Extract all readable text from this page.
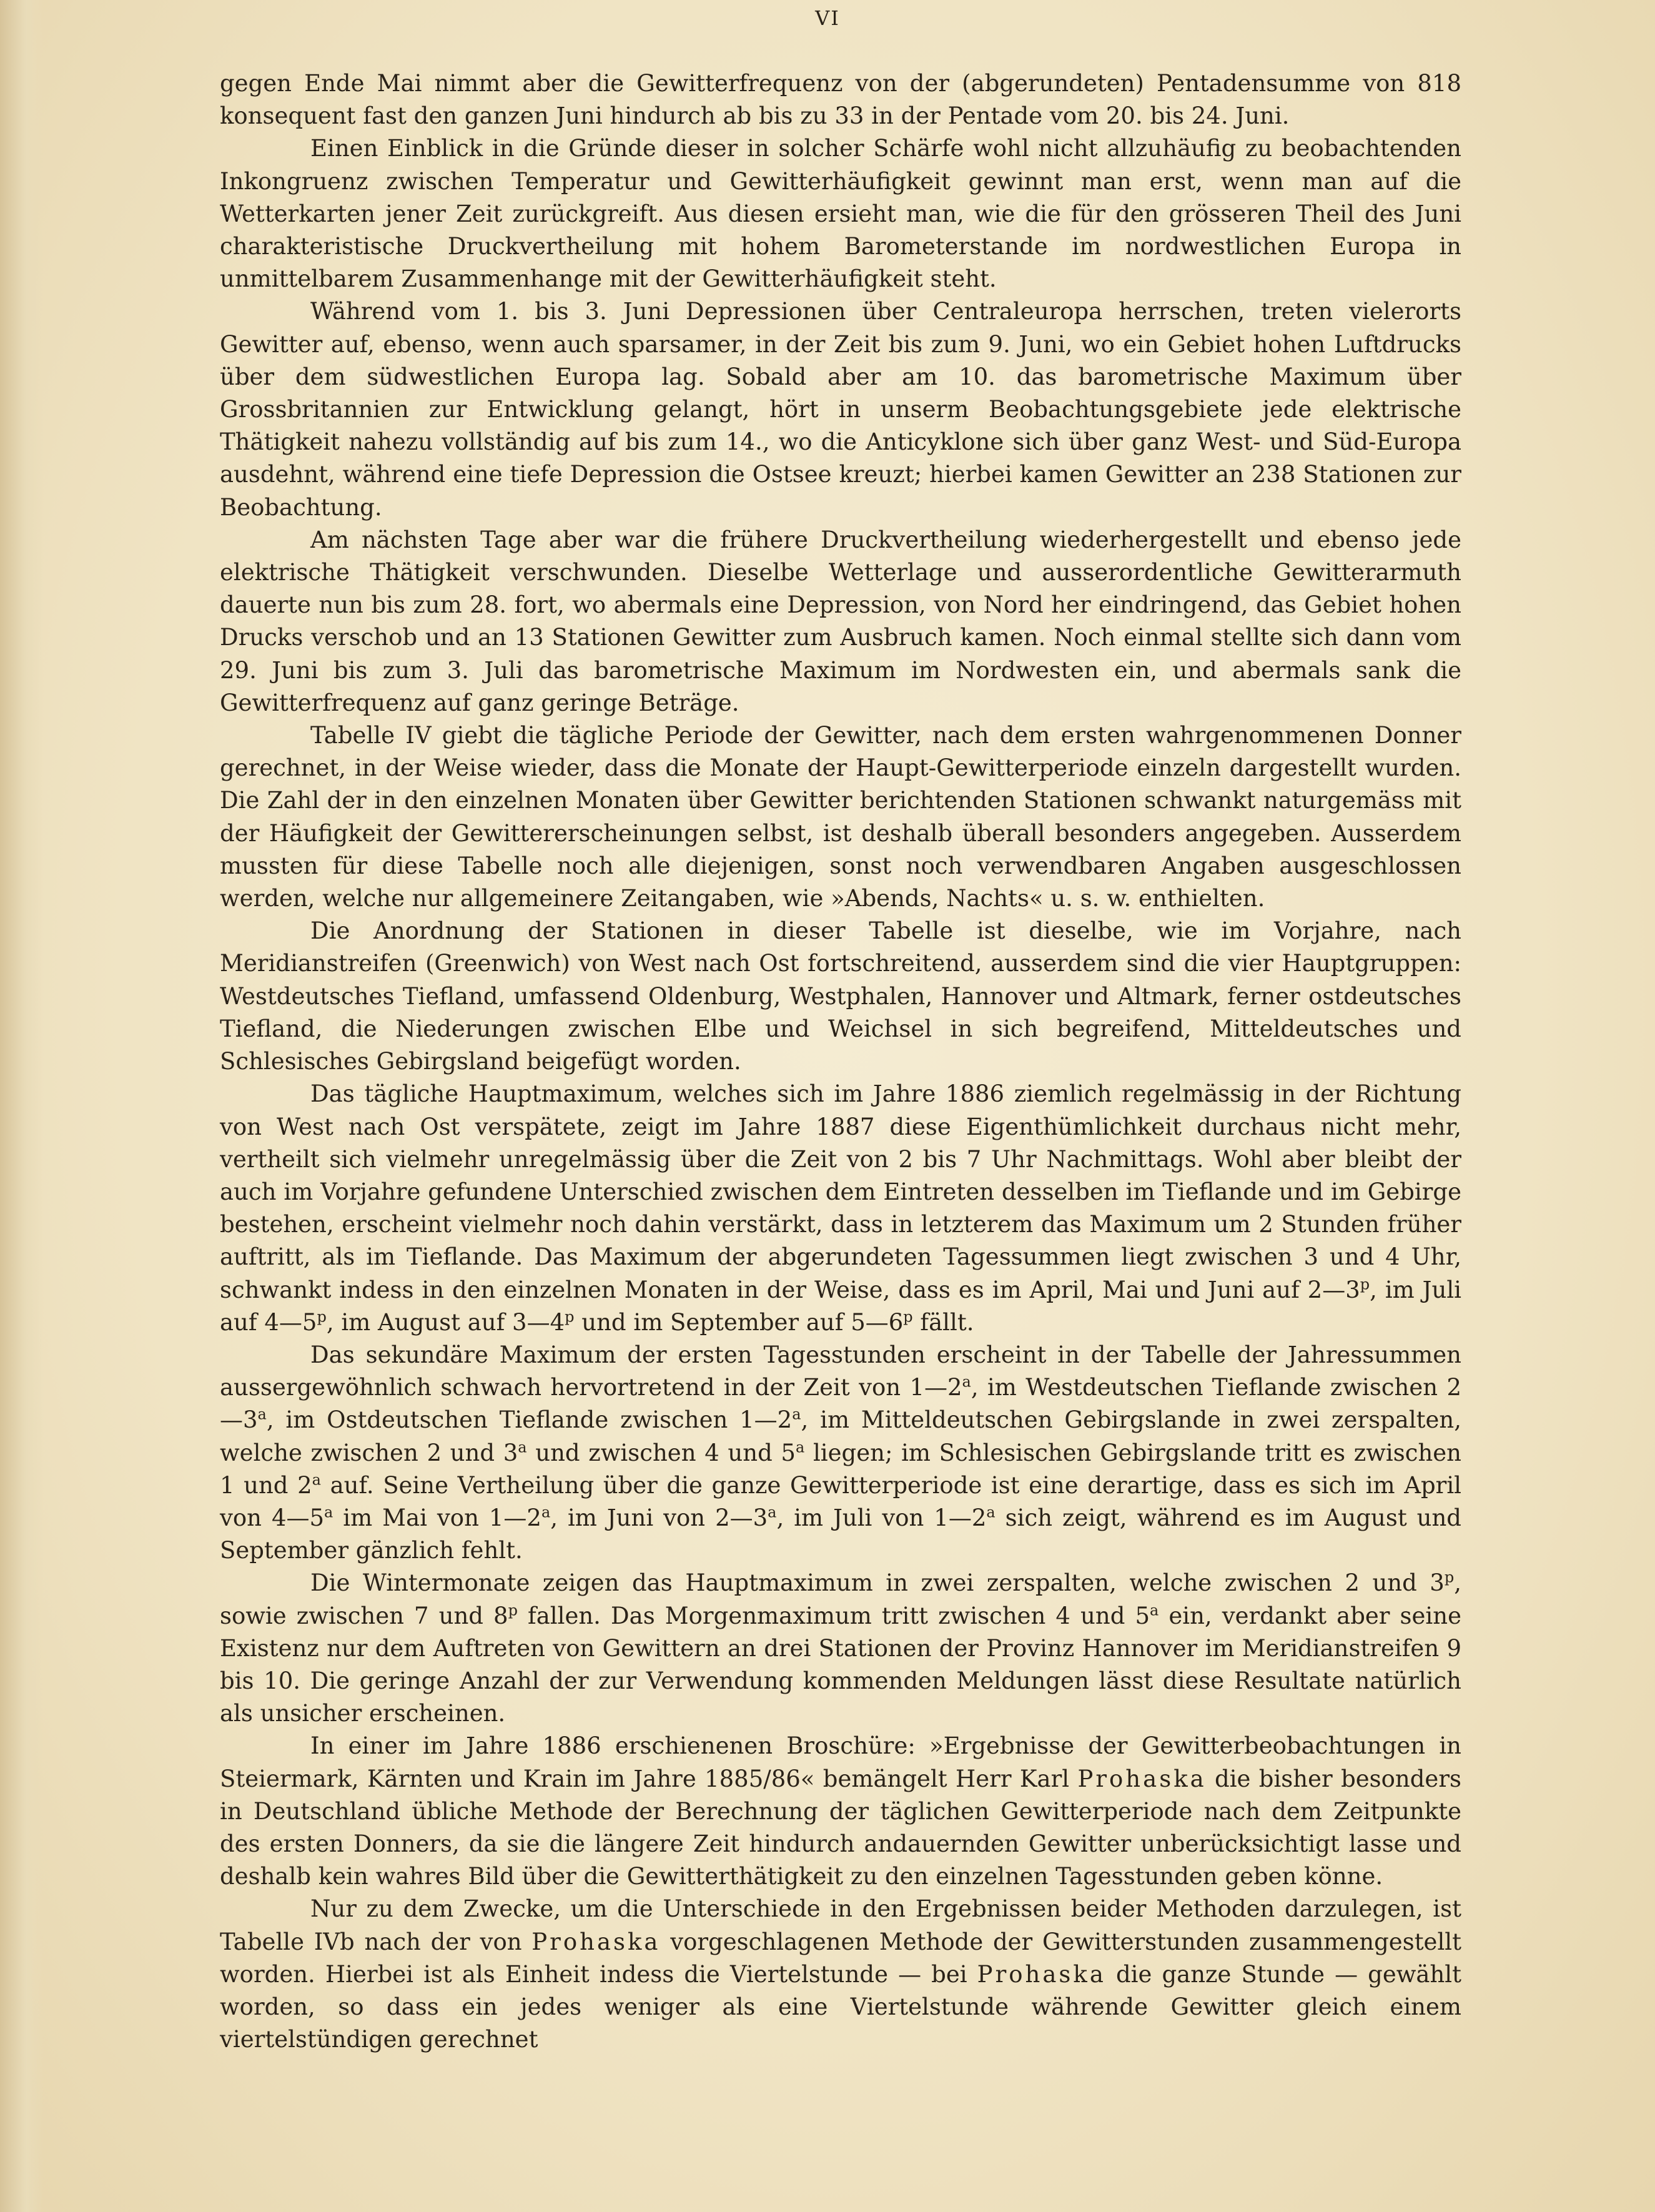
VI

gegen Ende Mai nimmt aber die Gewitterfrequenz von der (abgerundeten) Pentadensumme von 818 konsequent fast den ganzen Juni hindurch ab bis zu 33 in der Pentade vom 20. bis 24. Juni.

Einen Einblick in die Gründe dieser in solcher Schärfe wohl nicht allzuhäufig zu beobachtenden Inkongruenz zwischen Temperatur und Gewitterhäufigkeit gewinnt man erst, wenn man auf die Wetterkarten jener Zeit zurückgreift. Aus diesen ersieht man, wie die für den grösseren Theil des Juni charakteristische Druckvertheilung mit hohem Barometerstande im nordwestlichen Europa in unmittelbarem Zusammenhange mit der Gewitterhäufigkeit steht.

Während vom 1. bis 3. Juni Depressionen über Centraleuropa herrschen, treten vielerorts Gewitter auf, ebenso, wenn auch sparsamer, in der Zeit bis zum 9. Juni, wo ein Gebiet hohen Luftdrucks über dem südwestlichen Europa lag. Sobald aber am 10. das barometrische Maximum über Grossbritannien zur Entwicklung gelangt, hört in unserm Beobachtungsgebiete jede elektrische Thätigkeit nahezu vollständig auf bis zum 14., wo die Anticyklone sich über ganz West- und Süd-Europa ausdehnt, während eine tiefe Depression die Ostsee kreuzt; hierbei kamen Gewitter an 238 Stationen zur Beobachtung.

Am nächsten Tage aber war die frühere Druckvertheilung wiederhergestellt und ebenso jede elektrische Thätigkeit verschwunden. Dieselbe Wetterlage und ausserordentliche Gewitterarmuth dauerte nun bis zum 28. fort, wo abermals eine Depression, von Nord her eindringend, das Gebiet hohen Drucks verschob und an 13 Stationen Gewitter zum Ausbruch kamen. Noch einmal stellte sich dann vom 29. Juni bis zum 3. Juli das barometrische Maximum im Nordwesten ein, und abermals sank die Gewitterfrequenz auf ganz geringe Beträge.

Tabelle IV giebt die tägliche Periode der Gewitter, nach dem ersten wahrgenommenen Donner gerechnet, in der Weise wieder, dass die Monate der Haupt-Gewitterperiode einzeln dargestellt wurden. Die Zahl der in den einzelnen Monaten über Gewitter berichtenden Stationen schwankt naturgemäss mit der Häufigkeit der Gewittererscheinungen selbst, ist deshalb überall besonders angegeben. Ausserdem mussten für diese Tabelle noch alle diejenigen, sonst noch verwendbaren Angaben ausgeschlossen werden, welche nur allgemeinere Zeitangaben, wie »Abends, Nachts« u. s. w. enthielten.

Die Anordnung der Stationen in dieser Tabelle ist dieselbe, wie im Vorjahre, nach Meridianstreifen (Greenwich) von West nach Ost fortschreitend, ausserdem sind die vier Hauptgruppen: Westdeutsches Tiefland, umfassend Oldenburg, Westphalen, Hannover und Altmark, ferner ostdeutsches Tiefland, die Niederungen zwischen Elbe und Weichsel in sich begreifend, Mitteldeutsches und Schlesisches Gebirgsland beigefügt worden.

Das tägliche Hauptmaximum, welches sich im Jahre 1886 ziemlich regelmässig in der Richtung von West nach Ost verspätete, zeigt im Jahre 1887 diese Eigenthümlichkeit durchaus nicht mehr, vertheilt sich vielmehr unregelmässig über die Zeit von 2 bis 7 Uhr Nachmittags. Wohl aber bleibt der auch im Vorjahre gefundene Unterschied zwischen dem Eintreten desselben im Tieflande und im Gebirge bestehen, erscheint vielmehr noch dahin verstärkt, dass in letzterem das Maximum um 2 Stunden früher auftritt, als im Tieflande. Das Maximum der abgerundeten Tagessummen liegt zwischen 3 und 4 Uhr, schwankt indess in den einzelnen Monaten in der Weise, dass es im April, Mai und Juni auf 2—3$^p$, im Juli auf 4—5$^p$, im August auf 3—4$^p$ und im September auf 5—6$^p$ fällt.

Das sekundäre Maximum der ersten Tagesstunden erscheint in der Tabelle der Jahressummen aussergewöhnlich schwach hervortretend in der Zeit von 1—2$^a$, im Westdeutschen Tieflande zwischen 2—3$^a$, im Ostdeutschen Tieflande zwischen 1—2$^a$, im Mitteldeutschen Gebirgslande in zwei zerspalten, welche zwischen 2 und 3$^a$ und zwischen 4 und 5$^a$ liegen; im Schlesischen Gebirgslande tritt es zwischen 1 und 2$^a$ auf. Seine Vertheilung über die ganze Gewitterperiode ist eine derartige, dass es sich im April von 4—5$^a$ im Mai von 1—2$^a$, im Juni von 2—3$^a$, im Juli von 1—2$^a$ sich zeigt, während es im August und September gänzlich fehlt.

Die Wintermonate zeigen das Hauptmaximum in zwei zerspalten, welche zwischen 2 und 3$^p$, sowie zwischen 7 und 8$^p$ fallen. Das Morgenmaximum tritt zwischen 4 und 5$^a$ ein, verdankt aber seine Existenz nur dem Auftreten von Gewittern an drei Stationen der Provinz Hannover im Meridianstreifen 9 bis 10. Die geringe Anzahl der zur Verwendung kommenden Meldungen lässt diese Resultate natürlich als unsicher erscheinen.

In einer im Jahre 1886 erschienenen Broschüre: »Ergebnisse der Gewitterbeobachtungen in Steiermark, Kärnten und Krain im Jahre 1885/86« bemängelt Herr Karl Prohaska die bisher besonders in Deutschland übliche Methode der Berechnung der täglichen Gewitterperiode nach dem Zeitpunkte des ersten Donners, da sie die längere Zeit hindurch andauernden Gewitter unberücksichtigt lasse und deshalb kein wahres Bild über die Gewitterthätigkeit zu den einzelnen Tagesstunden geben könne.

Nur zu dem Zwecke, um die Unterschiede in den Ergebnissen beider Methoden darzulegen, ist Tabelle IVb nach der von Prohaska vorgeschlagenen Methode der Gewitterstunden zusammengestellt worden. Hierbei ist als Einheit indess die Viertelstunde — bei Prohaska die ganze Stunde — gewählt worden, so dass ein jedes weniger als eine Viertelstunde währende Gewitter gleich einem viertelstündigen gerechnet
